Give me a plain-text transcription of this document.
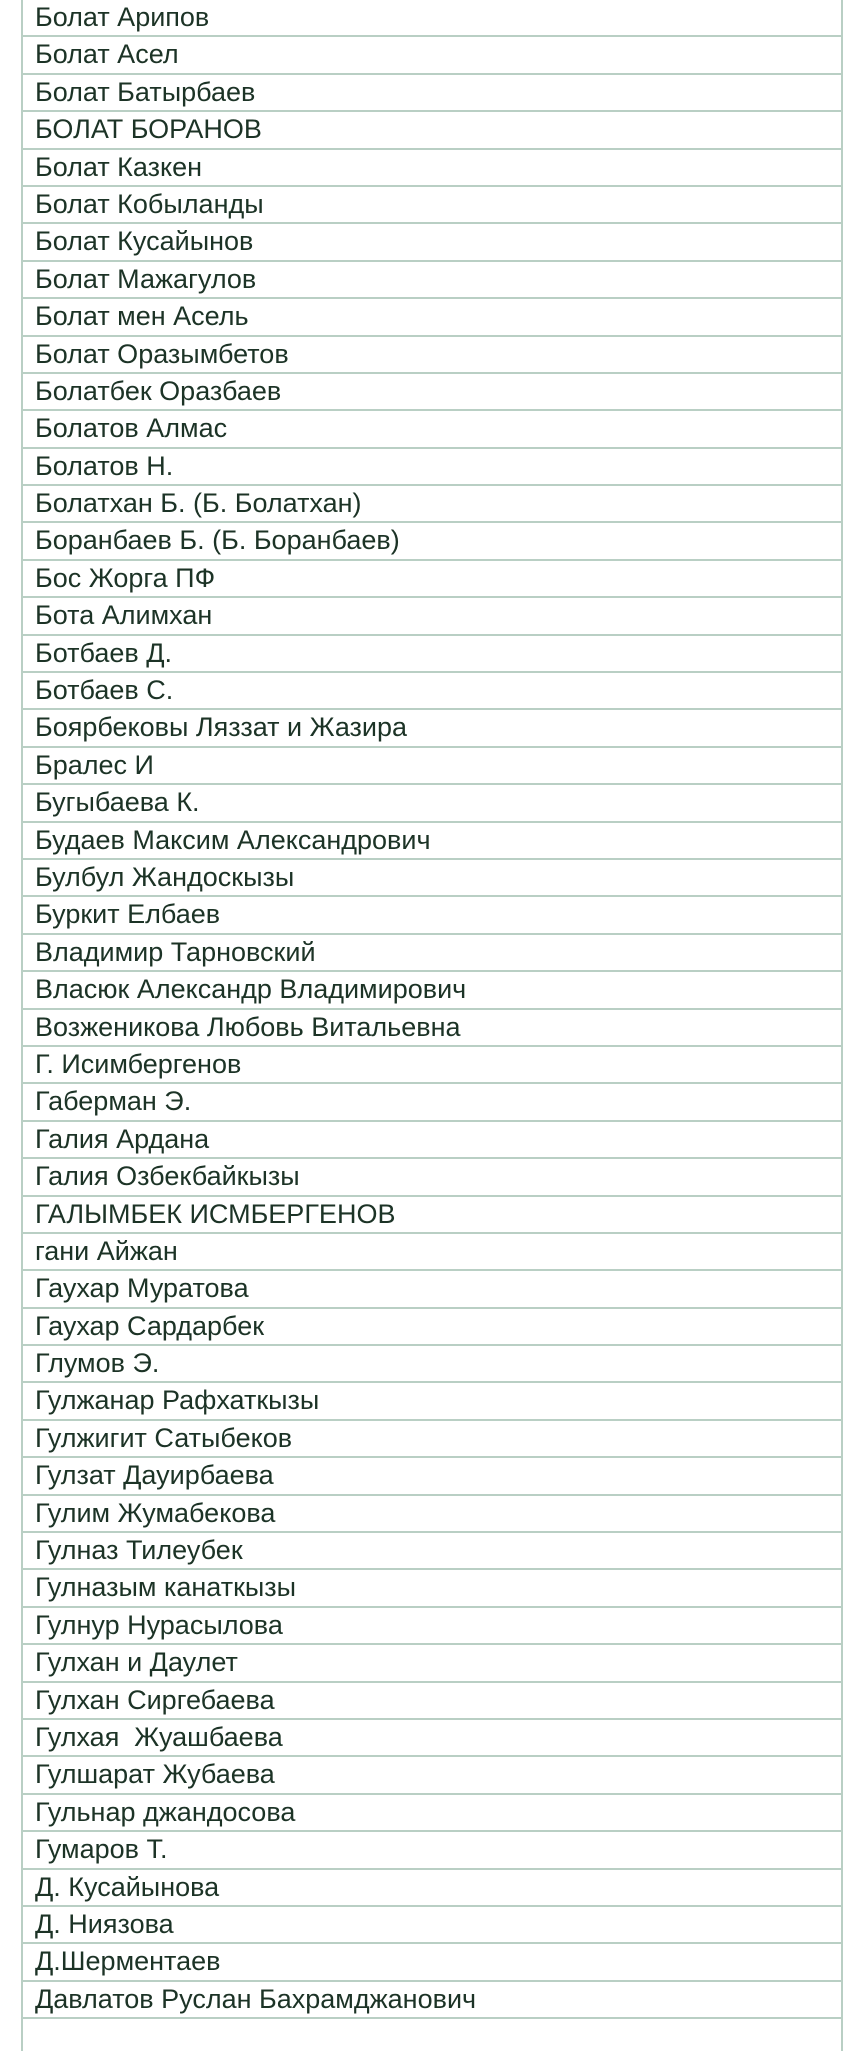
Болат Арипов
Болат Асел
Болат Батырбаев
БОЛАТ БОРАНОВ
Болат Казкен
Болат Кобыланды
Болат Кусайынов
Болат Мажагулов
Болат мен Асель
Болат Оразымбетов
Болатбек Оразбаев
Болатов Алмас
Болатов Н.
Болатхан Б. (Б. Болатхан)
Боранбаев Б. (Б. Боранбаев)
Бос Жорга ПФ
Бота Алимхан
Ботбаев Д.
Ботбаев С.
Боярбековы Ляззат и Жазира
Бралес И
Бугыбаева К.
Будаев Максим Александрович
Булбул Жандоскызы
Буркит Елбаев
Владимир Тарновский
Власюк Александр Владимирович
Возженикова Любовь Витальевна
Г. Исимбергенов
Габерман Э.
Галия Ардана
Галия Озбекбайкызы
ГАЛЫМБЕК ИСМБЕРГЕНОВ
гани Айжан
Гаухар Муратова
Гаухар Сардарбек
Глумов Э.
Гулжанар Рафхаткызы
Гулжигит Сатыбеков
Гулзат Дауирбаева
Гулим Жумабекова
Гулназ Тилеубек
Гулназым канаткызы
Гулнур Нурасылова
Гулхан и Даулет
Гулхан Сиргебаева
Гулхая  Жуашбаева
Гулшарат Жубаева
Гульнар джандосова
Гумаров Т.
Д. Кусайынова
Д. Ниязова
Д.Шерментаев
Давлатов Руслан Бахрамджанович
